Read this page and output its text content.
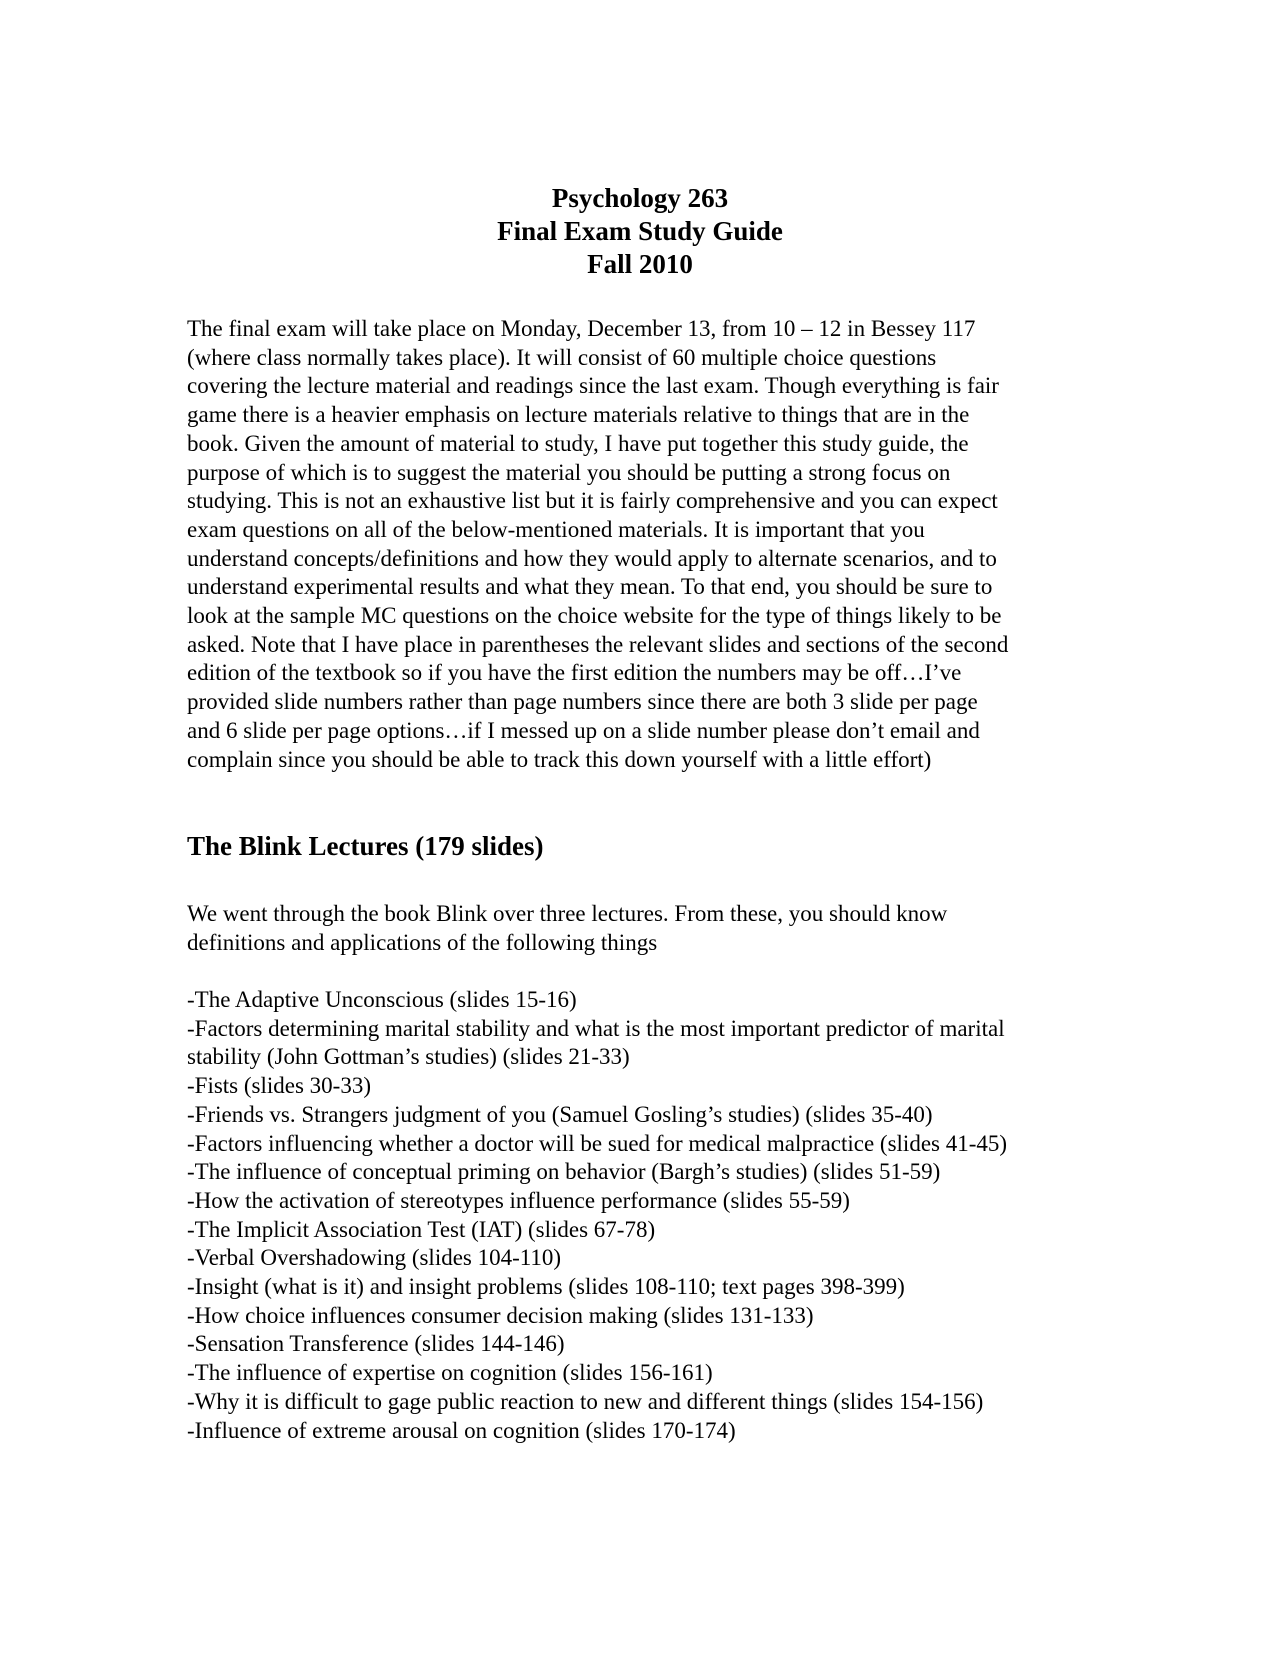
Psychology 263
Final Exam Study Guide
Fall 2010
The final exam will take place on Monday, December 13, from 10 – 12 in Bessey 117
(where class normally takes place). It will consist of 60 multiple choice questions
covering the lecture material and readings since the last exam. Though everything is fair
game there is a heavier emphasis on lecture materials relative to things that are in the
book. Given the amount of material to study, I have put together this study guide, the
purpose of which is to suggest the material you should be putting a strong focus on
studying. This is not an exhaustive list but it is fairly comprehensive and you can expect
exam questions on all of the below-mentioned materials. It is important that you
understand concepts/definitions and how they would apply to alternate scenarios, and to
understand experimental results and what they mean. To that end, you should be sure to
look at the sample MC questions on the choice website for the type of things likely to be
asked. Note that I have place in parentheses the relevant slides and sections of the second
edition of the textbook so if you have the first edition the numbers may be off…I’ve
provided slide numbers rather than page numbers since there are both 3 slide per page
and 6 slide per page options…if I messed up on a slide number please don’t email and
complain since you should be able to track this down yourself with a little effort)
The Blink Lectures (179 slides)
We went through the book Blink over three lectures. From these, you should know
definitions and applications of the following things
-The Adaptive Unconscious (slides 15-16)
-Factors determining marital stability and what is the most important predictor of marital
stability (John Gottman’s studies) (slides 21-33)
-Fists (slides 30-33)
-Friends vs. Strangers judgment of you (Samuel Gosling’s studies) (slides 35-40)
-Factors influencing whether a doctor will be sued for medical malpractice (slides 41-45)
-The influence of conceptual priming on behavior (Bargh’s studies) (slides 51-59)
-How the activation of stereotypes influence performance (slides 55-59)
-The Implicit Association Test (IAT) (slides 67-78)
-Verbal Overshadowing (slides 104-110)
-Insight (what is it) and insight problems (slides 108-110; text pages 398-399)
-How choice influences consumer decision making (slides 131-133)
-Sensation Transference (slides 144-146)
-The influence of expertise on cognition (slides 156-161)
-Why it is difficult to gage public reaction to new and different things (slides 154-156)
-Influence of extreme arousal on cognition (slides 170-174)
